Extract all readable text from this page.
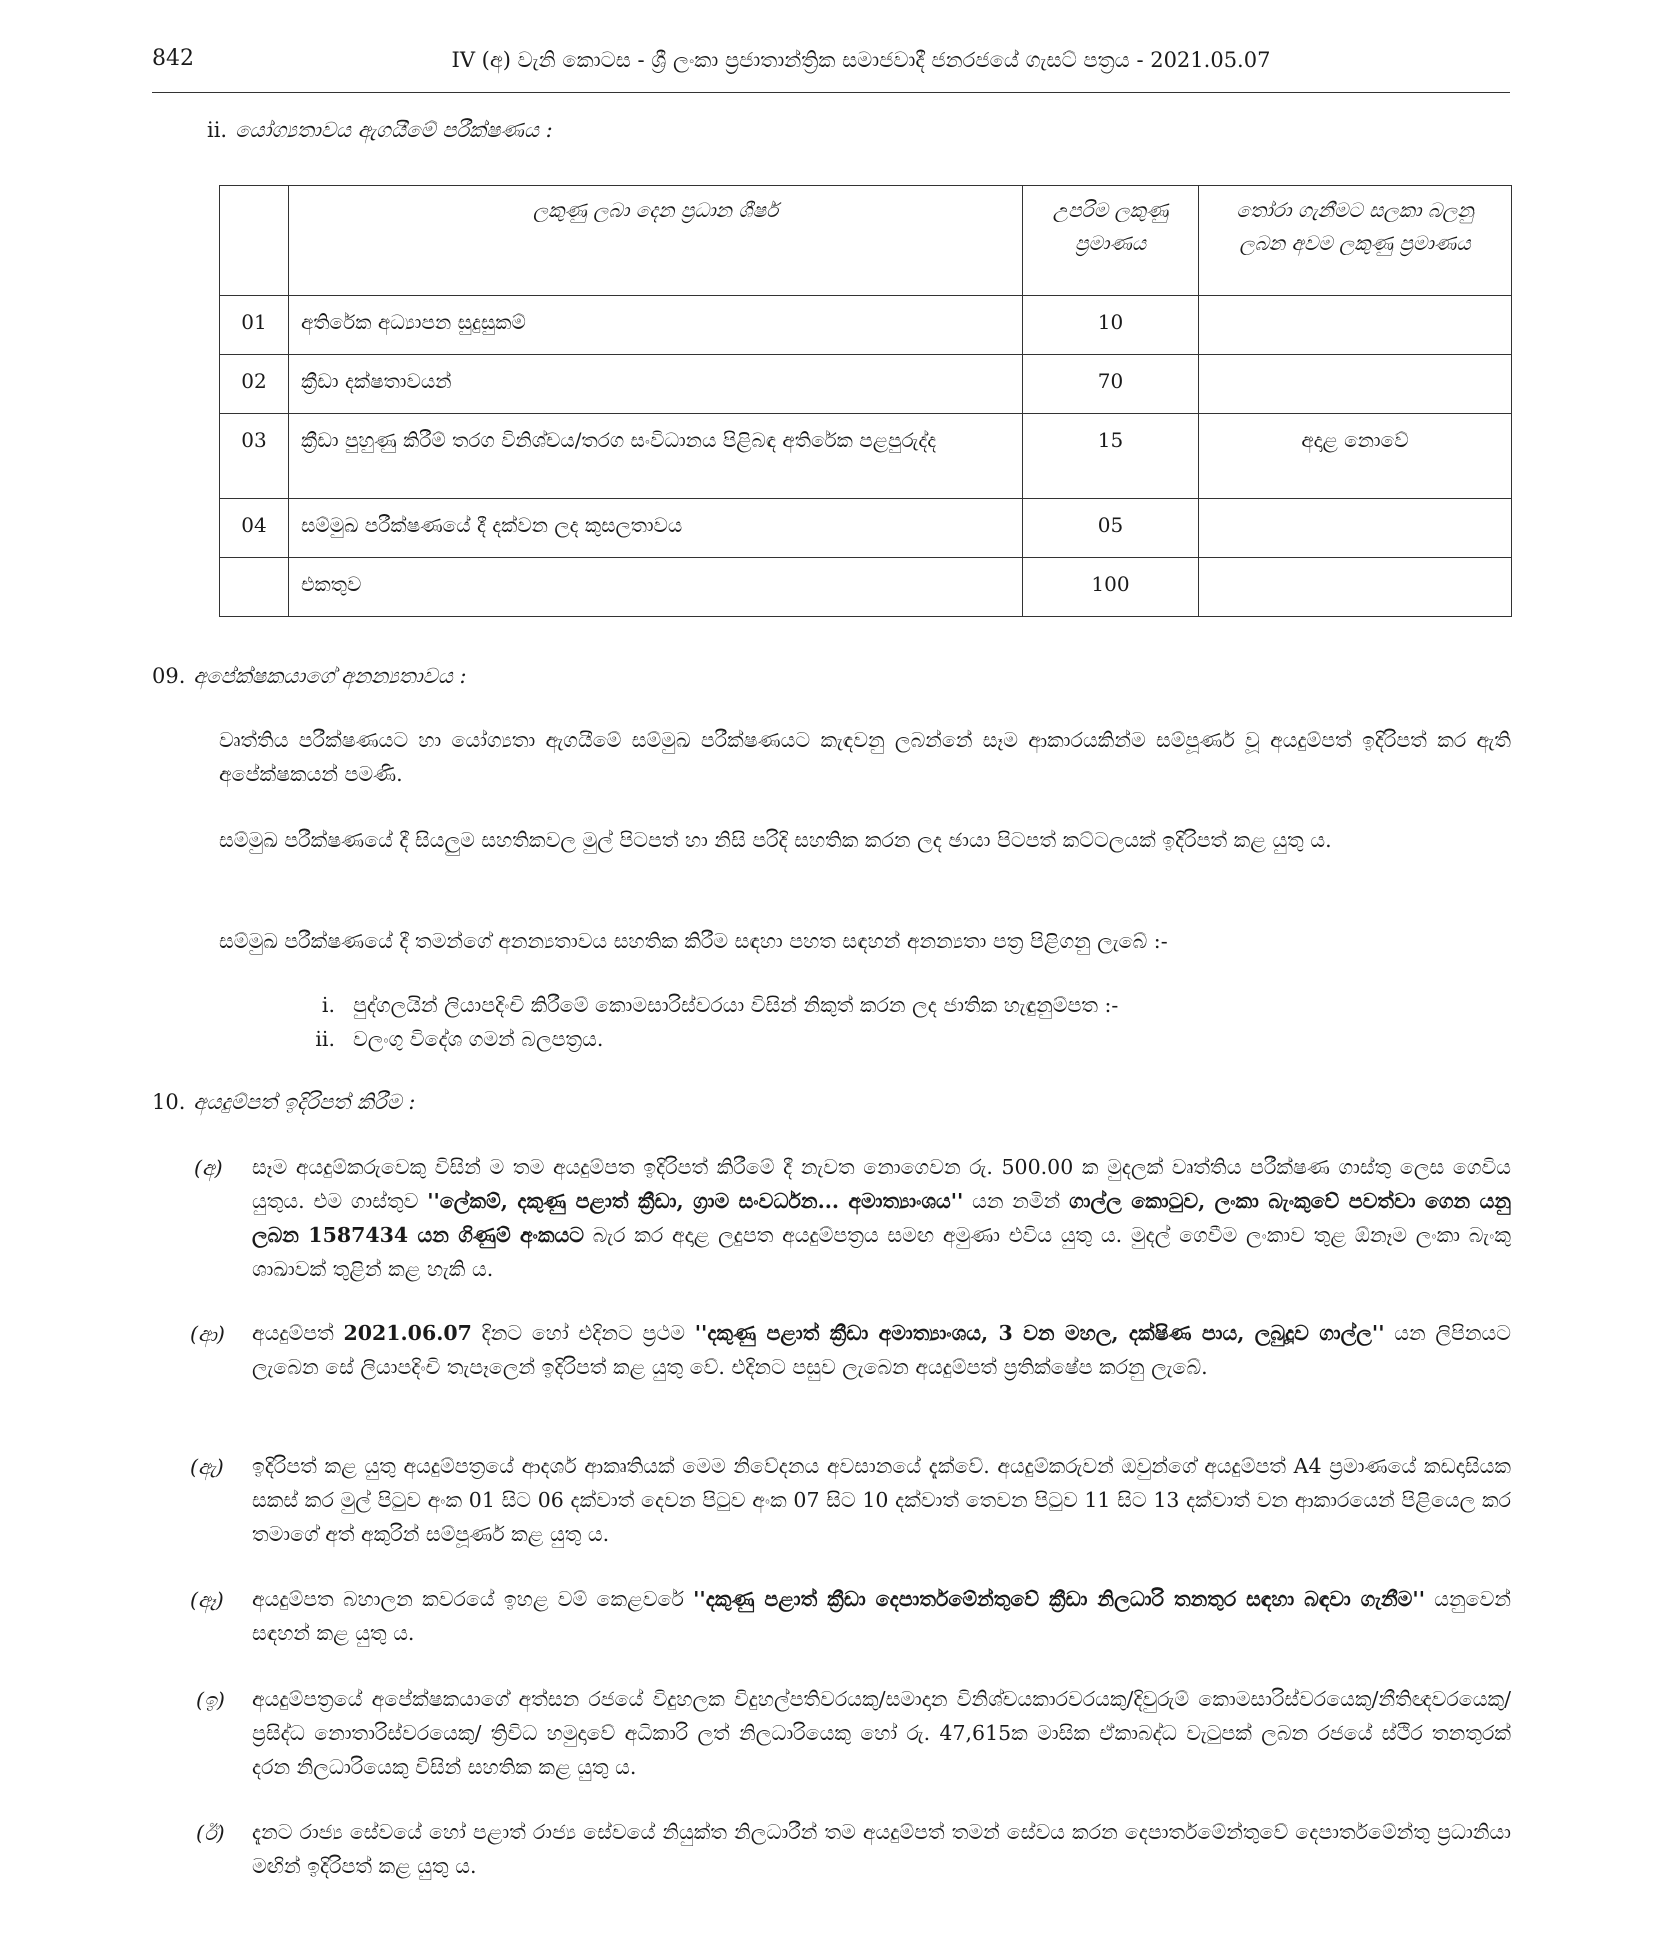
842	IV (අ) වැනි කොටස - ශ්‍රී ලංකා ප්‍රජාතාන්ත්‍රික සමාජවාදී ජනරජයේ ගැසට් පත්‍රය - 2021.05.07
ii. යෝග්‍යතාවය ඇගයීමේ පරීක්ෂණය :
	ලකුණු ලබා දෙන ප්‍රධාන ශීර්ෂ	උපරිම ලකුණු ප්‍රමාණය	තෝරා ගැනීමට සලකා බලනු ලබන අවම ලකුණු ප්‍රමාණය
01	අතිරේක අධ්‍යාපන සුදුසුකම්	10	
02	ක්‍රීඩා දක්ෂතාවයන්	70	
03	ක්‍රීඩා පුහුණු කිරීම් තරග විනිශ්චය/තරග සංවිධානය පිළිබඳ අතිරේක පළපුරුද්ද	15	අදාළ නොවේ
04	සම්මුඛ පරීක්ෂණයේ දී දක්වන ලද කුසලතාවය	05	
	එකතුව	100	
09. අපේක්ෂකයාගේ අනන්‍යතාවය :
වෘත්තිය පරීක්ෂණයට හා යෝග්‍යතා ඇගයීමේ සම්මුඛ පරීක්ෂණයට කැඳවනු ලබන්නේ සෑම ආකාරයකින්ම සම්පූර්ණ වූ අයදුම්පත් ඉදිරිපත් කර ඇති අපේක්ෂකයන් පමණි.
සම්මුඛ පරීක්ෂණයේ දී සියලුම සහතිකවල මුල් පිටපත් හා නිසි පරිදි සහතික කරන ලද ඡායා පිටපත් කට්ටලයක් ඉදිරිපත් කළ යුතු ය.
සම්මුඛ පරීක්ෂණයේ දී තමන්ගේ අනන්‍යතාවය සහතික කිරීම සඳහා පහත සඳහන් අනන්‍යතා පත්‍ර පිළිගනු ලැබේ :-
i. පුද්ගලයින් ලියාපදිංචි කිරීමේ කොමසාරිස්වරයා විසින් නිකුත් කරන ලද ජාතික හැඳුනුම්පත :-
ii. වලංගු විදේශ ගමන් බලපත්‍රය.
10. අයදුම්පත් ඉදිරිපත් කිරීම :
(අ) සෑම අයදුම්කරුවෙකු විසින් ම තම අයදුම්පත ඉදිරිපත් කිරීමේ දී නැවත නොගෙවන රු. 500.00 ක මුදලක් වෘත්තිය පරීක්ෂණ ගාස්තු ලෙස ගෙවිය යුතුය. එම ගාස්තුව ''ලේකම්, දකුණු පළාත් ක්‍රීඩා, ග්‍රාම සංවර්ධන... අමාත්‍යාංශය'' යන නමින් ගාල්ල කොටුව, ලංකා බැංකුවේ පවත්වා ගෙන යනු ලබන 1587434 යන ගිණුම් අංකයට බැර කර අදාළ ලදුපත අයදුම්පත්‍රය සමඟ අමුණා එවිය යුතු ය. මුදල් ගෙවීම ලංකාව තුළ ඕනෑම ලංකා බැංකු ශාඛාවක් තුළින් කළ හැකි ය.
(ආ) අයදුම්පත් 2021.06.07 දිනට හෝ එදිනට ප්‍රථම ''දකුණු පළාත් ක්‍රීඩා අමාත්‍යාංශය, 3 වන මහල, දක්ෂිණ පාය, ලබුදූව ගාල්ල'' යන ලිපිනයට ලැබෙන සේ ලියාපදිංචි තැපෑලෙන් ඉදිරිපත් කළ යුතු වේ. එදිනට පසුව ලැබෙන අයදුම්පත් ප්‍රතික්ෂේප කරනු ලැබේ.
(ඇ) ඉදිරිපත් කළ යුතු අයදුම්පත්‍රයේ ආදර්ශ ආකෘතියක් මෙම නිවේදනය අවසානයේ දැක්වේ. අයදුම්කරුවන් ඔවුන්ගේ අයදුම්පත් A4 ප්‍රමාණයේ කඩදාසියක සකස් කර මුල් පිටුව අංක 01 සිට 06 දක්වාත් දෙවන පිටුව අංක 07 සිට 10 දක්වාත් තෙවන පිටුව 11 සිට 13 දක්වාත් වන ආකාරයෙන් පිළියෙල කර තමාගේ අත් අකුරින් සම්පූර්ණ කළ යුතු ය.
(ඈ) අයදුම්පත බහාලන කවරයේ ඉහළ වම් කෙළවරේ ''දකුණු පළාත් ක්‍රීඩා දෙපාර්තමේන්තුවේ ක්‍රීඩා නිලධාරි තනතුර සඳහා බඳවා ගැනීම'' යනුවෙන් සඳහන් කළ යුතු ය.
(ඉ) අයදුම්පත්‍රයේ අපේක්ෂකයාගේ අත්සන රජයේ විදුහලක විදුහල්පතිවරයකු/සමාදාන විනිශ්චයකාරවරයකු/දිවුරුම් කොමසාරිස්වරයෙකු/නීතිඥවරයෙකු/ප්‍රසිද්ධ නොතාරිස්වරයෙකු/ ත්‍රිවිධ හමුදාවේ අධිකාරි ලත් නිලධාරියෙකු හෝ රු. 47,615ක මාසික ඒකාබද්ධ වැටුපක් ලබන රජයේ ස්ථිර තනතුරක් දරන නිලධාරියෙකු විසින් සහතික කළ යුතු ය.
(ඊ) දැනට රාජ්‍ය සේවයේ හෝ පළාත් රාජ්‍ය සේවයේ නියුක්ත නිලධාරීන් තම අයදුම්පත් තමන් සේවය කරන දෙපාර්තමේන්තුවේ දෙපාර්තමේන්තු ප්‍රධානියා මඟින් ඉදිරිපත් කළ යුතු ය.
